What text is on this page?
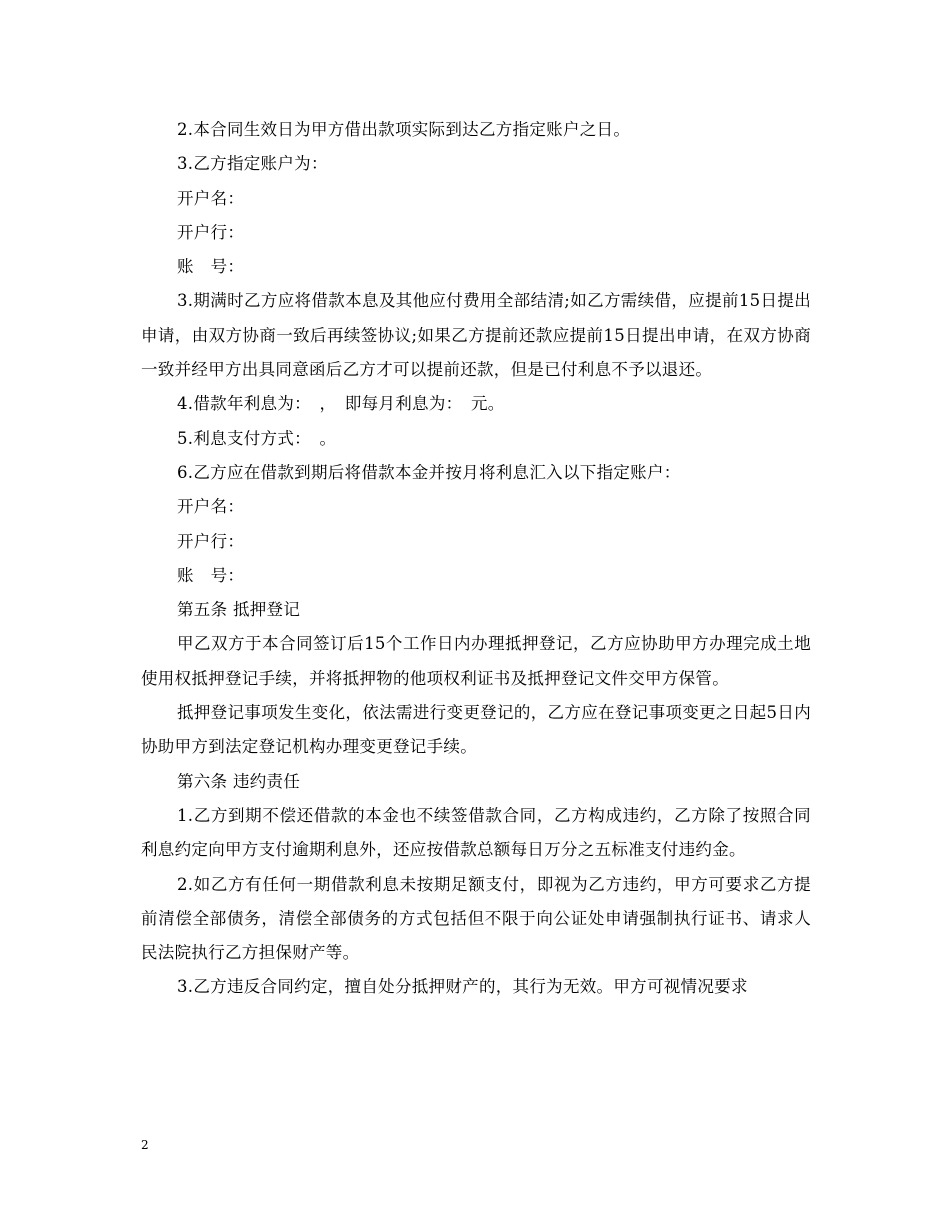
2.本合同生效日为甲方借出款项实际到达乙方指定账户之日。

3.乙方指定账户为：

开户名：

开户行：

账　号：

3.期满时乙方应将借款本息及其他应付费用全部结清;如乙方需续借，应提前15日提出申请，由双方协商一致后再续签协议;如果乙方提前还款应提前15日提出申请，在双方协商一致并经甲方出具同意函后乙方才可以提前还款，但是已付利息不予以退还。

4.借款年利息为：　，　即每月利息为：　元。

5.利息支付方式：　。

6.乙方应在借款到期后将借款本金并按月将利息汇入以下指定账户：

开户名：

开户行：

账　号：

第五条 抵押登记

甲乙双方于本合同签订后15个工作日内办理抵押登记，乙方应协助甲方办理完成土地使用权抵押登记手续，并将抵押物的他项权利证书及抵押登记文件交甲方保管。

抵押登记事项发生变化，依法需进行变更登记的，乙方应在登记事项变更之日起5日内协助甲方到法定登记机构办理变更登记手续。

第六条 违约责任

1.乙方到期不偿还借款的本金也不续签借款合同，乙方构成违约，乙方除了按照合同利息约定向甲方支付逾期利息外，还应按借款总额每日万分之五标准支付违约金。

2.如乙方有任何一期借款利息未按期足额支付，即视为乙方违约，甲方可要求乙方提前清偿全部债务，清偿全部债务的方式包括但不限于向公证处申请强制执行证书、请求人民法院执行乙方担保财产等。

3.乙方违反合同约定，擅自处分抵押财产的，其行为无效。甲方可视情况要求

2
